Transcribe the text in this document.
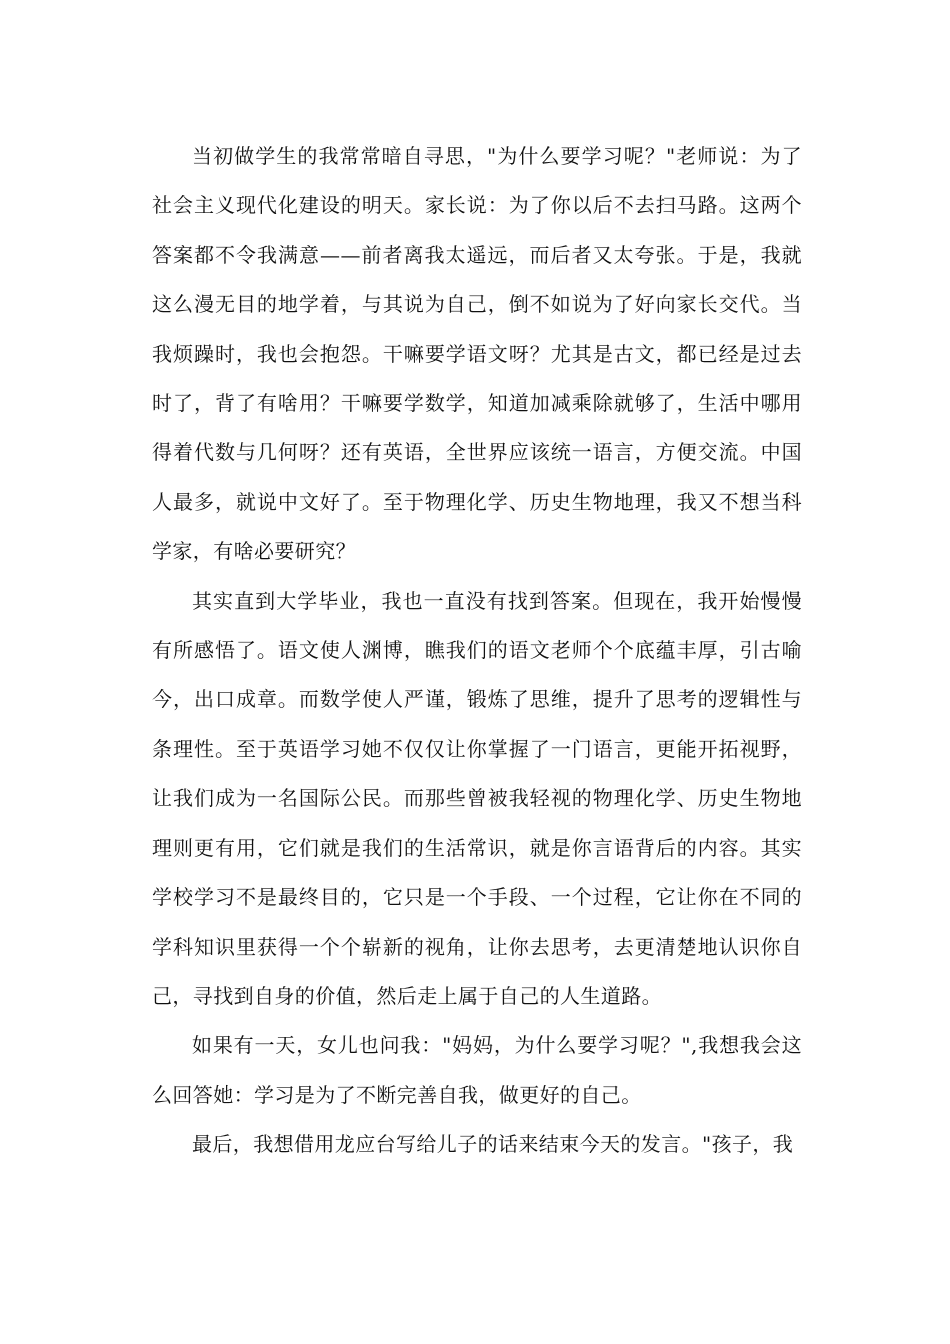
当初做学生的我常常暗自寻思，"为什么要学习呢？"老师说：为了社会主义现代化建设的明天。家长说：为了你以后不去扫马路。这两个答案都不令我满意——前者离我太遥远，而后者又太夸张。于是，我就这么漫无目的地学着，与其说为自己，倒不如说为了好向家长交代。当我烦躁时，我也会抱怨。干嘛要学语文呀？尤其是古文，都已经是过去时了，背了有啥用？干嘛要学数学，知道加减乘除就够了，生活中哪用得着代数与几何呀？还有英语，全世界应该统一语言，方便交流。中国人最多，就说中文好了。至于物理化学、历史生物地理，我又不想当科学家，有啥必要研究？

其实直到大学毕业，我也一直没有找到答案。但现在，我开始慢慢有所感悟了。语文使人渊博，瞧我们的语文老师个个底蕴丰厚，引古喻今，出口成章。而数学使人严谨，锻炼了思维，提升了思考的逻辑性与条理性。至于英语学习她不仅仅让你掌握了一门语言，更能开拓视野，让我们成为一名国际公民。而那些曾被我轻视的物理化学、历史生物地理则更有用，它们就是我们的生活常识，就是你言语背后的内容。其实学校学习不是最终目的，它只是一个手段、一个过程，它让你在不同的学科知识里获得一个个崭新的视角，让你去思考，去更清楚地认识你自己，寻找到自身的价值，然后走上属于自己的人生道路。

如果有一天，女儿也问我："妈妈，为什么要学习呢？",我想我会这么回答她：学习是为了不断完善自我，做更好的自己。

最后，我想借用龙应台写给儿子的话来结束今天的发言。"孩子，我
